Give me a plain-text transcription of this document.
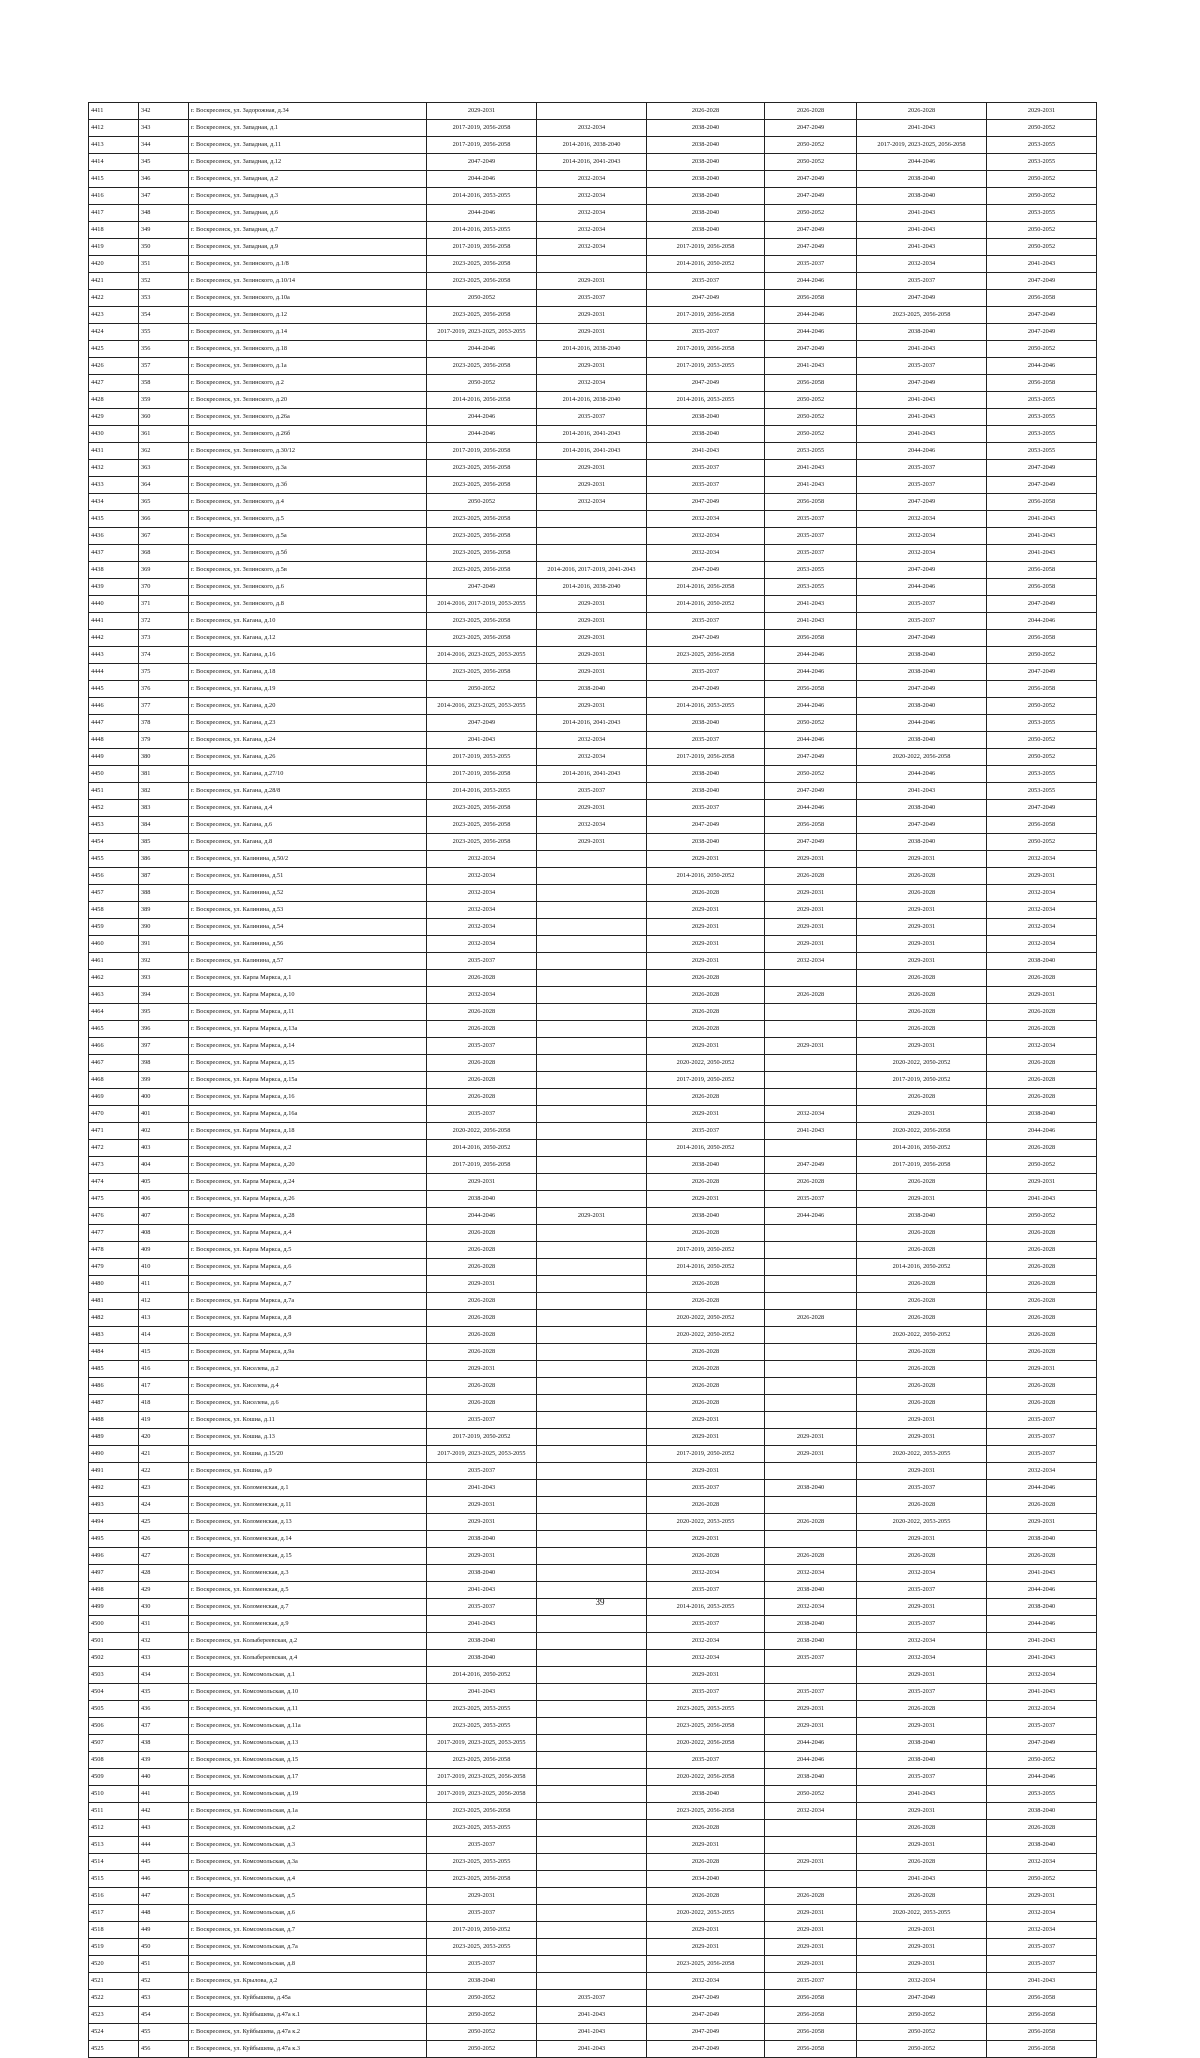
4411	342	г. Воскресенск, ул. Задорожная, д.34	2029-2031		2026-2028	2026-2028	2026-2028	2029-2031
4412	343	г. Воскресенск, ул. Западная, д.1	2017-2019, 2056-2058	2032-2034	2038-2040	2047-2049	2041-2043	2050-2052
4413	344	г. Воскресенск, ул. Западная, д.11	2017-2019, 2056-2058	2014-2016, 2038-2040	2038-2040	2050-2052	2017-2019, 2023-2025, 2056-2058	2053-2055
4414	345	г. Воскресенск, ул. Западная, д.12	2047-2049	2014-2016, 2041-2043	2038-2040	2050-2052	2044-2046	2053-2055
4415	346	г. Воскресенск, ул. Западная, д.2	2044-2046	2032-2034	2038-2040	2047-2049	2038-2040	2050-2052
4416	347	г. Воскресенск, ул. Западная, д.3	2014-2016, 2053-2055	2032-2034	2038-2040	2047-2049	2038-2040	2050-2052
4417	348	г. Воскресенск, ул. Западная, д.6	2044-2046	2032-2034	2038-2040	2050-2052	2041-2043	2053-2055
4418	349	г. Воскресенск, ул. Западная, д.7	2014-2016, 2053-2055	2032-2034	2038-2040	2047-2049	2041-2043	2050-2052
4419	350	г. Воскресенск, ул. Западная, д.9	2017-2019, 2056-2058	2032-2034	2017-2019, 2056-2058	2047-2049	2041-2043	2050-2052
4420	351	г. Воскресенск, ул. Зелинского, д.1/8	2023-2025, 2056-2058		2014-2016, 2050-2052	2035-2037	2032-2034	2041-2043
4421	352	г. Воскресенск, ул. Зелинского, д.10/14	2023-2025, 2056-2058	2029-2031	2035-2037	2044-2046	2035-2037	2047-2049
4422	353	г. Воскресенск, ул. Зелинского, д.10а	2050-2052	2035-2037	2047-2049	2056-2058	2047-2049	2056-2058
4423	354	г. Воскресенск, ул. Зелинского, д.12	2023-2025, 2056-2058	2029-2031	2017-2019, 2056-2058	2044-2046	2023-2025, 2056-2058	2047-2049
4424	355	г. Воскресенск, ул. Зелинского, д.14	2017-2019, 2023-2025, 2053-2055	2029-2031	2035-2037	2044-2046	2038-2040	2047-2049
4425	356	г. Воскресенск, ул. Зелинского, д.18	2044-2046	2014-2016, 2038-2040	2017-2019, 2056-2058	2047-2049	2041-2043	2050-2052
4426	357	г. Воскресенск, ул. Зелинского, д.1а	2023-2025, 2056-2058	2029-2031	2017-2019, 2053-2055	2041-2043	2035-2037	2044-2046
4427	358	г. Воскресенск, ул. Зелинского, д.2	2050-2052	2032-2034	2047-2049	2056-2058	2047-2049	2056-2058
4428	359	г. Воскресенск, ул. Зелинского, д.20	2014-2016, 2056-2058	2014-2016, 2038-2040	2014-2016, 2053-2055	2050-2052	2041-2043	2053-2055
4429	360	г. Воскресенск, ул. Зелинского, д.26а	2044-2046	2035-2037	2038-2040	2050-2052	2041-2043	2053-2055
4430	361	г. Воскресенск, ул. Зелинского, д.26б	2044-2046	2014-2016, 2041-2043	2038-2040	2050-2052	2041-2043	2053-2055
4431	362	г. Воскресенск, ул. Зелинского, д.30/12	2017-2019, 2056-2058	2014-2016, 2041-2043	2041-2043	2053-2055	2044-2046	2053-2055
4432	363	г. Воскресенск, ул. Зелинского, д.3а	2023-2025, 2056-2058	2029-2031	2035-2037	2041-2043	2035-2037	2047-2049
4433	364	г. Воскресенск, ул. Зелинского, д.3б	2023-2025, 2056-2058	2029-2031	2035-2037	2041-2043	2035-2037	2047-2049
4434	365	г. Воскресенск, ул. Зелинского, д.4	2050-2052	2032-2034	2047-2049	2056-2058	2047-2049	2056-2058
4435	366	г. Воскресенск, ул. Зелинского, д.5	2023-2025, 2056-2058		2032-2034	2035-2037	2032-2034	2041-2043
4436	367	г. Воскресенск, ул. Зелинского, д.5а	2023-2025, 2056-2058		2032-2034	2035-2037	2032-2034	2041-2043
4437	368	г. Воскресенск, ул. Зелинского, д.5б	2023-2025, 2056-2058		2032-2034	2035-2037	2032-2034	2041-2043
4438	369	г. Воскресенск, ул. Зелинского, д.5в	2023-2025, 2056-2058	2014-2016, 2017-2019, 2041-2043	2047-2049	2053-2055	2047-2049	2056-2058
4439	370	г. Воскресенск, ул. Зелинского, д.6	2047-2049	2014-2016, 2038-2040	2014-2016, 2056-2058	2053-2055	2044-2046	2056-2058
4440	371	г. Воскресенск, ул. Зелинского, д.8	2014-2016, 2017-2019, 2053-2055	2029-2031	2014-2016, 2050-2052	2041-2043	2035-2037	2047-2049
4441	372	г. Воскресенск, ул. Кагана, д.10	2023-2025, 2056-2058	2029-2031	2035-2037	2041-2043	2035-2037	2044-2046
4442	373	г. Воскресенск, ул. Кагана, д.12	2023-2025, 2056-2058	2029-2031	2047-2049	2056-2058	2047-2049	2056-2058
4443	374	г. Воскресенск, ул. Кагана, д.16	2014-2016, 2023-2025, 2053-2055	2029-2031	2023-2025, 2056-2058	2044-2046	2038-2040	2050-2052
4444	375	г. Воскресенск, ул. Кагана, д.18	2023-2025, 2056-2058	2029-2031	2035-2037	2044-2046	2038-2040	2047-2049
4445	376	г. Воскресенск, ул. Кагана, д.19	2050-2052	2038-2040	2047-2049	2056-2058	2047-2049	2056-2058
4446	377	г. Воскресенск, ул. Кагана, д.20	2014-2016, 2023-2025, 2053-2055	2029-2031	2014-2016, 2053-2055	2044-2046	2038-2040	2050-2052
4447	378	г. Воскресенск, ул. Кагана, д.23	2047-2049	2014-2016, 2041-2043	2038-2040	2050-2052	2044-2046	2053-2055
4448	379	г. Воскресенск, ул. Кагана, д.24	2041-2043	2032-2034	2035-2037	2044-2046	2038-2040	2050-2052
4449	380	г. Воскресенск, ул. Кагана, д.26	2017-2019, 2053-2055	2032-2034	2017-2019, 2056-2058	2047-2049	2020-2022, 2056-2058	2050-2052
4450	381	г. Воскресенск, ул. Кагана, д.27/10	2017-2019, 2056-2058	2014-2016, 2041-2043	2038-2040	2050-2052	2044-2046	2053-2055
4451	382	г. Воскресенск, ул. Кагана, д.28/8	2014-2016, 2053-2055	2035-2037	2038-2040	2047-2049	2041-2043	2053-2055
4452	383	г. Воскресенск, ул. Кагана, д.4	2023-2025, 2056-2058	2029-2031	2035-2037	2044-2046	2038-2040	2047-2049
4453	384	г. Воскресенск, ул. Кагана, д.6	2023-2025, 2056-2058	2032-2034	2047-2049	2056-2058	2047-2049	2056-2058
4454	385	г. Воскресенск, ул. Кагана, д.8	2023-2025, 2056-2058	2029-2031	2038-2040	2047-2049	2038-2040	2050-2052
4455	386	г. Воскресенск, ул. Калинина, д.50/2	2032-2034		2029-2031	2029-2031	2029-2031	2032-2034
4456	387	г. Воскресенск, ул. Калинина, д.51	2032-2034		2014-2016, 2050-2052	2026-2028	2026-2028	2029-2031
4457	388	г. Воскресенск, ул. Калинина, д.52	2032-2034		2026-2028	2029-2031	2026-2028	2032-2034
4458	389	г. Воскресенск, ул. Калинина, д.53	2032-2034		2029-2031	2029-2031	2029-2031	2032-2034
4459	390	г. Воскресенск, ул. Калинина, д.54	2032-2034		2029-2031	2029-2031	2029-2031	2032-2034
4460	391	г. Воскресенск, ул. Калинина, д.56	2032-2034		2029-2031	2029-2031	2029-2031	2032-2034
4461	392	г. Воскресенск, ул. Калинина, д.57	2035-2037		2029-2031	2032-2034	2029-2031	2038-2040
4462	393	г. Воскресенск, ул. Карла Маркса, д.1	2026-2028		2026-2028		2026-2028	2026-2028
4463	394	г. Воскресенск, ул. Карла Маркса, д.10	2032-2034		2026-2028	2026-2028	2026-2028	2029-2031
4464	395	г. Воскресенск, ул. Карла Маркса, д.11	2026-2028		2026-2028		2026-2028	2026-2028
4465	396	г. Воскресенск, ул. Карла Маркса, д.13а	2026-2028		2026-2028		2026-2028	2026-2028
4466	397	г. Воскресенск, ул. Карла Маркса, д.14	2035-2037		2029-2031	2029-2031	2029-2031	2032-2034
4467	398	г. Воскресенск, ул. Карла Маркса, д.15	2026-2028		2020-2022, 2050-2052		2020-2022, 2050-2052	2026-2028
4468	399	г. Воскресенск, ул. Карла Маркса, д.15а	2026-2028		2017-2019, 2050-2052		2017-2019, 2050-2052	2026-2028
4469	400	г. Воскресенск, ул. Карла Маркса, д.16	2026-2028		2026-2028		2026-2028	2026-2028
4470	401	г. Воскресенск, ул. Карла Маркса, д.16а	2035-2037		2029-2031	2032-2034	2029-2031	2038-2040
4471	402	г. Воскресенск, ул. Карла Маркса, д.18	2020-2022, 2056-2058		2035-2037	2041-2043	2020-2022, 2056-2058	2044-2046
4472	403	г. Воскресенск, ул. Карла Маркса, д.2	2014-2016, 2050-2052		2014-2016, 2050-2052		2014-2016, 2050-2052	2026-2028
4473	404	г. Воскресенск, ул. Карла Маркса, д.20	2017-2019, 2056-2058		2038-2040	2047-2049	2017-2019, 2056-2058	2050-2052
4474	405	г. Воскресенск, ул. Карла Маркса, д.24	2029-2031		2026-2028	2026-2028	2026-2028	2029-2031
4475	406	г. Воскресенск, ул. Карла Маркса, д.26	2038-2040		2029-2031	2035-2037	2029-2031	2041-2043
4476	407	г. Воскресенск, ул. Карла Маркса, д.28	2044-2046	2029-2031	2038-2040	2044-2046	2038-2040	2050-2052
4477	408	г. Воскресенск, ул. Карла Маркса, д.4	2026-2028		2026-2028		2026-2028	2026-2028
4478	409	г. Воскресенск, ул. Карла Маркса, д.5	2026-2028		2017-2019, 2050-2052		2026-2028	2026-2028
4479	410	г. Воскресенск, ул. Карла Маркса, д.6	2026-2028		2014-2016, 2050-2052		2014-2016, 2050-2052	2026-2028
4480	411	г. Воскресенск, ул. Карла Маркса, д.7	2029-2031		2026-2028		2026-2028	2026-2028
4481	412	г. Воскресенск, ул. Карла Маркса, д.7а	2026-2028		2026-2028		2026-2028	2026-2028
4482	413	г. Воскресенск, ул. Карла Маркса, д.8	2026-2028		2020-2022, 2050-2052	2026-2028	2026-2028	2026-2028
4483	414	г. Воскресенск, ул. Карла Маркса, д.9	2026-2028		2020-2022, 2050-2052		2020-2022, 2050-2052	2026-2028
4484	415	г. Воскресенск, ул. Карла Маркса, д.9а	2026-2028		2026-2028		2026-2028	2026-2028
4485	416	г. Воскресенск, ул. Киселева, д.2	2029-2031		2026-2028		2026-2028	2029-2031
4486	417	г. Воскресенск, ул. Киселева, д.4	2026-2028		2026-2028		2026-2028	2026-2028
4487	418	г. Воскресенск, ул. Киселева, д.6	2026-2028		2026-2028		2026-2028	2026-2028
4488	419	г. Воскресенск, ул. Кошиа, д.11	2035-2037		2029-2031		2029-2031	2035-2037
4489	420	г. Воскресенск, ул. Кошиа, д.13	2017-2019, 2050-2052		2029-2031	2029-2031	2029-2031	2035-2037
4490	421	г. Воскресенск, ул. Кошиа, д.15/20	2017-2019, 2023-2025, 2053-2055		2017-2019, 2050-2052	2029-2031	2020-2022, 2053-2055	2035-2037
4491	422	г. Воскресенск, ул. Кошиа, д.9	2035-2037		2029-2031		2029-2031	2032-2034
4492	423	г. Воскресенск, ул. Коломенская, д.1	2041-2043		2035-2037	2038-2040	2035-2037	2044-2046
4493	424	г. Воскресенск, ул. Коломенская, д.11	2029-2031		2026-2028		2026-2028	2026-2028
4494	425	г. Воскресенск, ул. Коломенская, д.13	2029-2031		2020-2022, 2053-2055	2026-2028	2020-2022, 2053-2055	2029-2031
4495	426	г. Воскресенск, ул. Коломенская, д.14	2038-2040		2029-2031		2029-2031	2038-2040
4496	427	г. Воскресенск, ул. Коломенская, д.15	2029-2031		2026-2028	2026-2028	2026-2028	2026-2028
4497	428	г. Воскресенск, ул. Коломенская, д.3	2038-2040		2032-2034	2032-2034	2032-2034	2041-2043
4498	429	г. Воскресенск, ул. Коломенская, д.5	2041-2043		2035-2037	2038-2040	2035-2037	2044-2046
4499	430	г. Воскресенск, ул. Коломенская, д.7	2035-2037		2014-2016, 2053-2055	2032-2034	2029-2031	2038-2040
4500	431	г. Воскресенск, ул. Коломенская, д.9	2041-2043		2035-2037	2038-2040	2035-2037	2044-2046
4501	432	г. Воскресенск, ул. Колыбереевская, д.2	2038-2040		2032-2034	2038-2040	2032-2034	2041-2043
4502	433	г. Воскресенск, ул. Колыбереевская, д.4	2038-2040		2032-2034	2035-2037	2032-2034	2041-2043
4503	434	г. Воскресенск, ул. Комсомольская, д.1	2014-2016, 2050-2052		2029-2031		2029-2031	2032-2034
4504	435	г. Воскресенск, ул. Комсомольская, д.10	2041-2043		2035-2037	2035-2037	2035-2037	2041-2043
4505	436	г. Воскресенск, ул. Комсомольская, д.11	2023-2025, 2053-2055		2023-2025, 2053-2055	2029-2031	2026-2028	2032-2034
4506	437	г. Воскресенск, ул. Комсомольская, д.11а	2023-2025, 2053-2055		2023-2025, 2056-2058	2029-2031	2029-2031	2035-2037
4507	438	г. Воскресенск, ул. Комсомольская, д.13	2017-2019, 2023-2025, 2053-2055		2020-2022, 2056-2058	2044-2046	2038-2040	2047-2049
4508	439	г. Воскресенск, ул. Комсомольская, д.15	2023-2025, 2056-2058		2035-2037	2044-2046	2038-2040	2050-2052
4509	440	г. Воскресенск, ул. Комсомольская, д.17	2017-2019, 2023-2025, 2056-2058		2020-2022, 2056-2058	2038-2040	2035-2037	2044-2046
4510	441	г. Воскресенск, ул. Комсомольская, д.19	2017-2019, 2023-2025, 2056-2058		2038-2040	2050-2052	2041-2043	2053-2055
4511	442	г. Воскресенск, ул. Комсомольская, д.1а	2023-2025, 2056-2058		2023-2025, 2056-2058	2032-2034	2029-2031	2038-2040
4512	443	г. Воскресенск, ул. Комсомольская, д.2	2023-2025, 2053-2055		2026-2028		2026-2028	2026-2028
4513	444	г. Воскресенск, ул. Комсомольская, д.3	2035-2037		2029-2031		2029-2031	2038-2040
4514	445	г. Воскресенск, ул. Комсомольская, д.3а	2023-2025, 2053-2055		2026-2028	2029-2031	2026-2028	2032-2034
4515	446	г. Воскресенск, ул. Комсомольская, д.4	2023-2025, 2056-2058		2034-2040		2041-2043	2050-2052
4516	447	г. Воскресенск, ул. Комсомольская, д.5	2029-2031		2026-2028	2026-2028	2026-2028	2029-2031
4517	448	г. Воскресенск, ул. Комсомольская, д.6	2035-2037		2020-2022, 2053-2055	2029-2031	2020-2022, 2053-2055	2032-2034
4518	449	г. Воскресенск, ул. Комсомольская, д.7	2017-2019, 2050-2052		2029-2031	2029-2031	2029-2031	2032-2034
4519	450	г. Воскресенск, ул. Комсомольская, д.7а	2023-2025, 2053-2055		2029-2031	2029-2031	2029-2031	2035-2037
4520	451	г. Воскресенск, ул. Комсомольская, д.8	2035-2037		2023-2025, 2056-2058	2029-2031	2029-2031	2035-2037
4521	452	г. Воскресенск, ул. Крылова, д.2	2038-2040		2032-2034	2035-2037	2032-2034	2041-2043
4522	453	г. Воскресенск, ул. Куйбышева, д.45а	2050-2052	2035-2037	2047-2049	2056-2058	2047-2049	2056-2058
4523	454	г. Воскресенск, ул. Куйбышева, д.47а к.1	2050-2052	2041-2043	2047-2049	2056-2058	2050-2052	2056-2058
4524	455	г. Воскресенск, ул. Куйбышева, д.47а к.2	2050-2052	2041-2043	2047-2049	2056-2058	2050-2052	2056-2058
4525	456	г. Воскресенск, ул. Куйбышева, д.47а к.3	2050-2052	2041-2043	2047-2049	2056-2058	2050-2052	2056-2058
39
